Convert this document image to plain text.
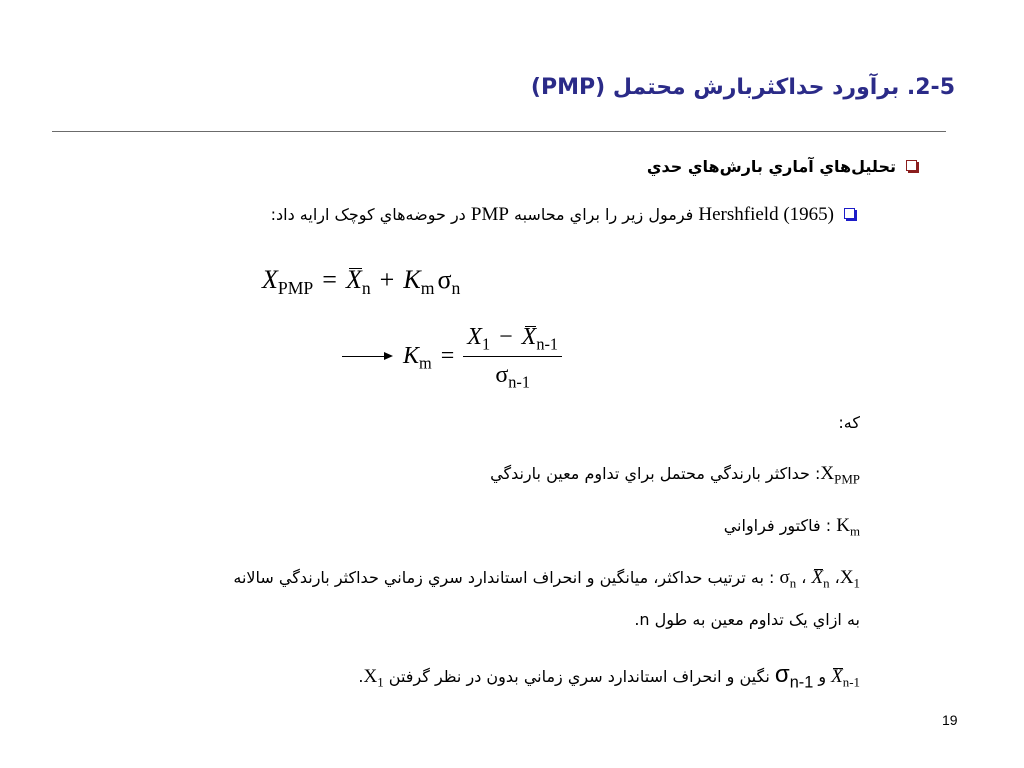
2-5. برآورد حداکثربارش محتمل (PMP)
تحليل‌هاي آماري بارش‌هاي حدي
Hershfield (1965) فرمول زير را براي محاسبه PMP در حوضه‌هاي کوچک ارايه داد:
$X_{PMP} = X_n + K_m$ $\sigma_n$
$K_m = \frac{X_1 - X_{n-1}}{\sigma_{n-1}}$
که:
$X_{PMP}$: حداکثر بارندگي محتمل براي تداوم معين بارندگي
$K_m$ : فاکتور فراواني
$X_1،$ $X_n$ ، $\sigma_n$ : به ترتيب حداکثر، ميانگين و انحراف استاندارد سري زماني حداکثر بارندگي سالانه
به ازاي يک تداوم معين به طول n.
$X_{n-1}$ و $\sigma_{n-1}$ نگين و انحراف استاندارد سري زماني بدون در نظر گرفتن $X_1$.
19
